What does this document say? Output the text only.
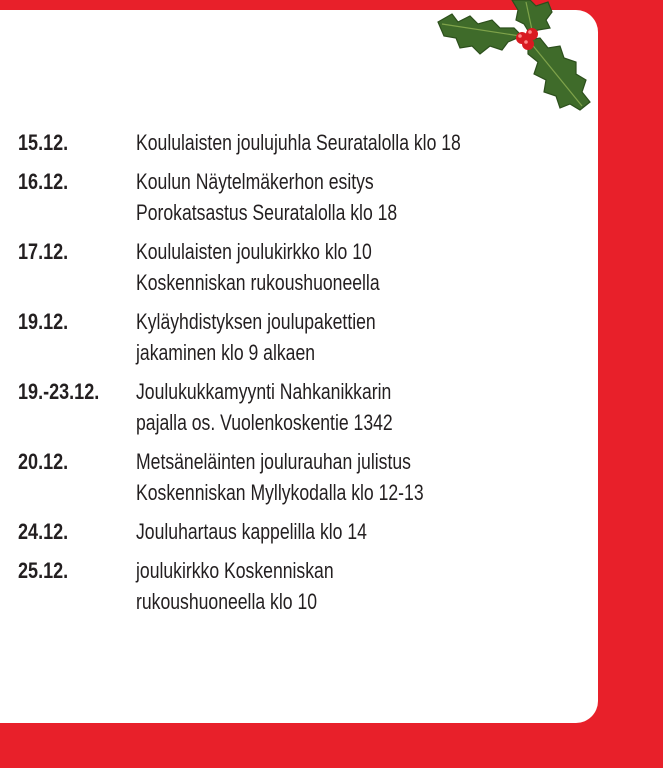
15.12.	Koululaisten joulujuhla Seuratalolla klo 18
16.12.	Koulun Näytelmäkerhon esitys
Porokatsastus Seuratalolla klo 18
17.12.	Koululaisten joulukirkko klo 10
Koskenniskan rukoushuoneella
19.12.	Kyläyhdistyksen joulupakettien
jakaminen klo 9 alkaen
19.-23.12.	Joulukukkamyynti Nahkanikkarin
pajalla os. Vuolenkoskentie 1342
20.12.	Metsäneläinten joulurauhan julistus
Koskenniskan Myllykodalla klo 12-13
24.12.	Jouluhartaus kappelilla klo 14
25.12.	joulukirkko Koskenniskan
rukoushuoneella klo 10
